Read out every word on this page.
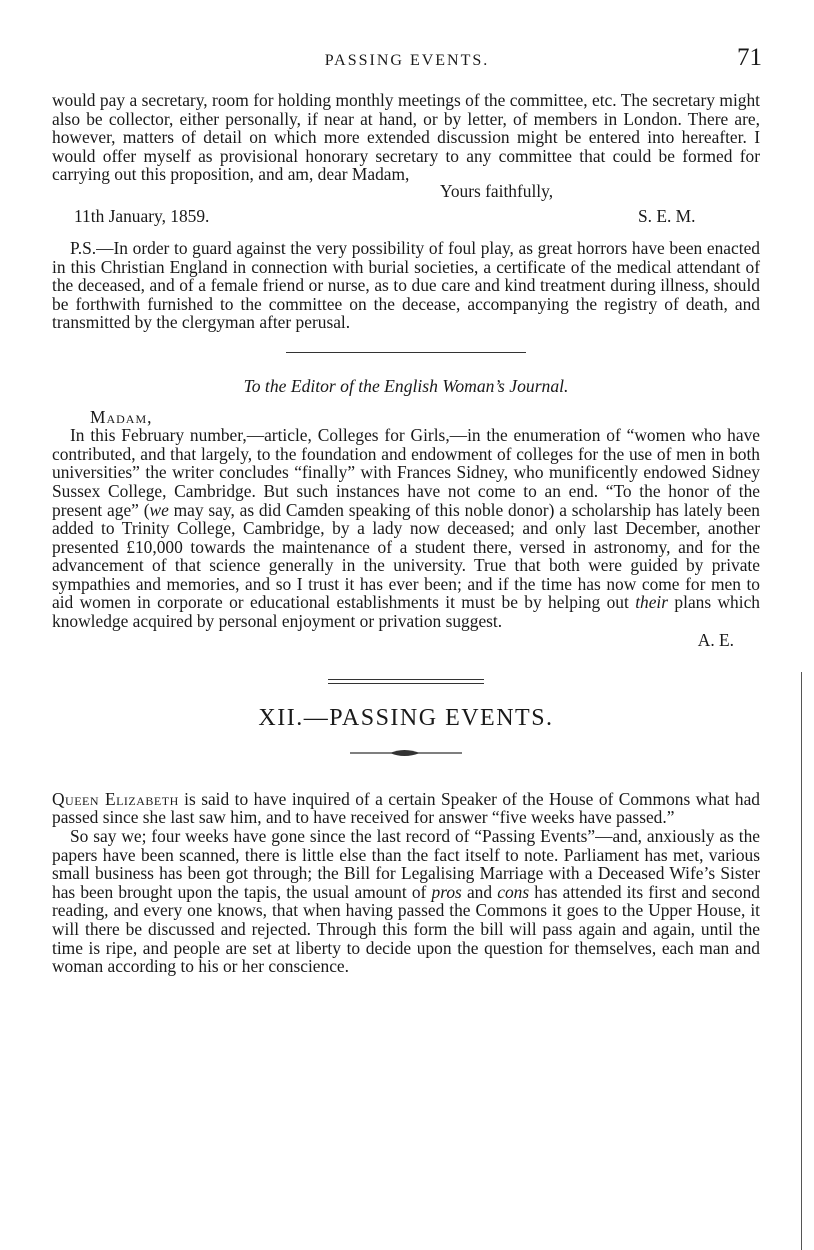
PASSING EVENTS.	71

would pay a secretary, room for holding monthly meetings of the committee, etc. The secretary might also be collector, either personally, if near at hand, or by letter, of members in London. There are, however, matters of detail on which more extended discussion might be entered into hereafter. I would offer myself as provisional honorary secretary to any committee that could be formed for carrying out this proposition, and am, dear Madam,

Yours faithfully,
11th January, 1859.	S. E. M.

P.S.—In order to guard against the very possibility of foul play, as great horrors have been enacted in this Christian England in connection with burial societies, a certificate of the medical attendant of the deceased, and of a female friend or nurse, as to due care and kind treatment during illness, should be forthwith furnished to the committee on the decease, accompanying the registry of death, and transmitted by the clergyman after perusal.

To the Editor of the English Woman’s Journal.
Madam,

In this February number,—article, Colleges for Girls,—in the enumeration of “women who have contributed, and that largely, to the foundation and endowment of colleges for the use of men in both universities” the writer concludes “finally” with Frances Sidney, who munificently endowed Sidney Sussex College, Cambridge. But such instances have not come to an end. “To the honor of the present age” (we may say, as did Camden speaking of this noble donor) a scholarship has lately been added to Trinity College, Cambridge, by a lady now deceased; and only last December, another presented £10,000 towards the maintenance of a student there, versed in astronomy, and for the advancement of that science generally in the university. True that both were guided by private sympathies and memories, and so I trust it has ever been; and if the time has now come for men to aid women in corporate or educational establishments it must be by helping out their plans which knowledge acquired by personal enjoyment or privation suggest.

A. E.
XII.—PASSING EVENTS.

Queen Elizabeth is said to have inquired of a certain Speaker of the House of Commons what had passed since she last saw him, and to have received for answer “five weeks have passed.”

So say we; four weeks have gone since the last record of “Passing Events”—and, anxiously as the papers have been scanned, there is little else than the fact itself to note. Parliament has met, various small business has been got through; the Bill for Legalising Marriage with a Deceased Wife’s Sister has been brought upon the tapis, the usual amount of pros and cons has attended its first and second reading, and every one knows, that when having passed the Commons it goes to the Upper House, it will there be discussed and rejected. Through this form the bill will pass again and again, until the time is ripe, and people are set at liberty to decide upon the question for themselves, each man and woman according to his or her conscience.
